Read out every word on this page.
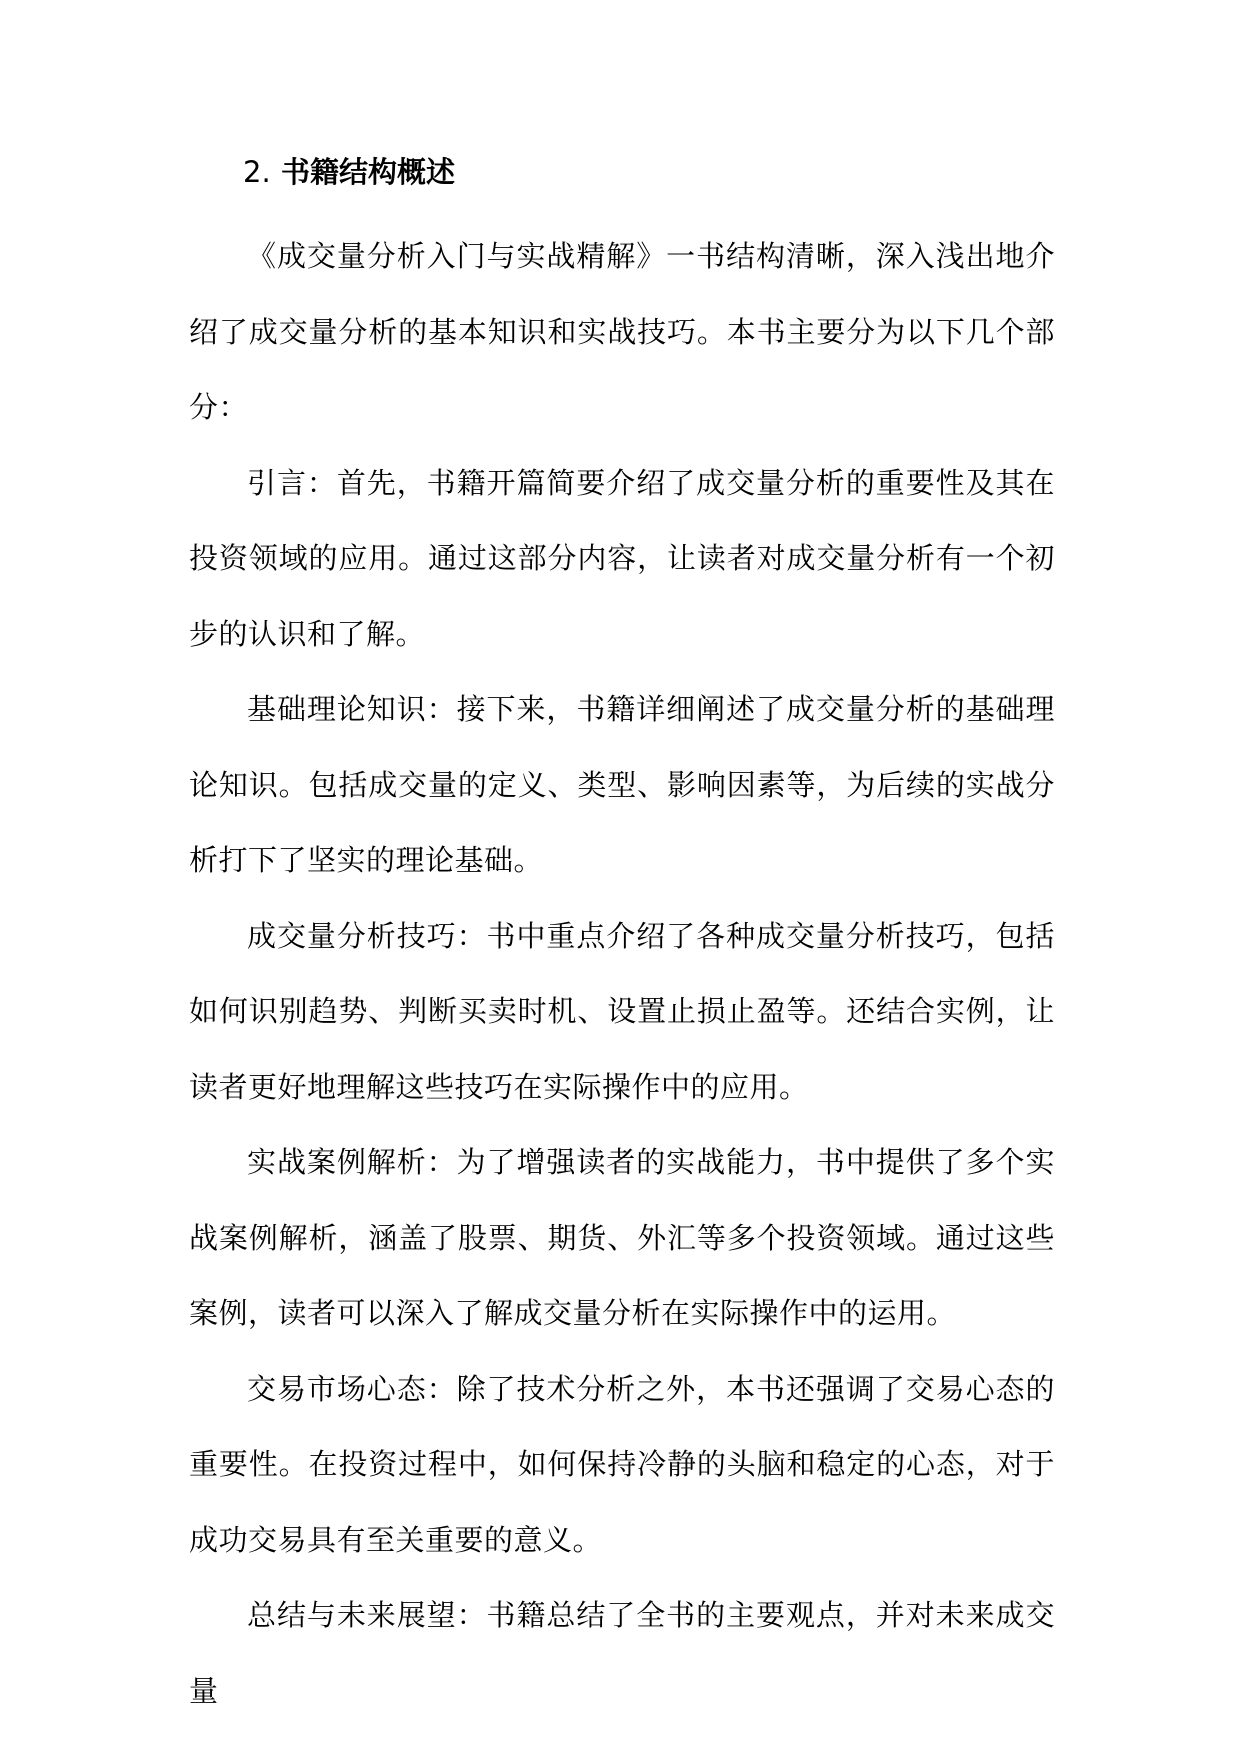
2. 书籍结构概述

《成交量分析入门与实战精解》一书结构清晰，深入浅出地介绍了成交量分析的基本知识和实战技巧。本书主要分为以下几个部分：

引言：首先，书籍开篇简要介绍了成交量分析的重要性及其在投资领域的应用。通过这部分内容，让读者对成交量分析有一个初步的认识和了解。

基础理论知识：接下来，书籍详细阐述了成交量分析的基础理论知识。包括成交量的定义、类型、影响因素等，为后续的实战分析打下了坚实的理论基础。

成交量分析技巧：书中重点介绍了各种成交量分析技巧，包括如何识别趋势、判断买卖时机、设置止损止盈等。还结合实例，让读者更好地理解这些技巧在实际操作中的应用。

实战案例解析：为了增强读者的实战能力，书中提供了多个实战案例解析，涵盖了股票、期货、外汇等多个投资领域。通过这些案例，读者可以深入了解成交量分析在实际操作中的运用。

交易市场心态：除了技术分析之外，本书还强调了交易心态的重要性。在投资过程中，如何保持冷静的头脑和稳定的心态，对于成功交易具有至关重要的意义。

总结与未来展望：书籍总结了全书的主要观点，并对未来成交量
